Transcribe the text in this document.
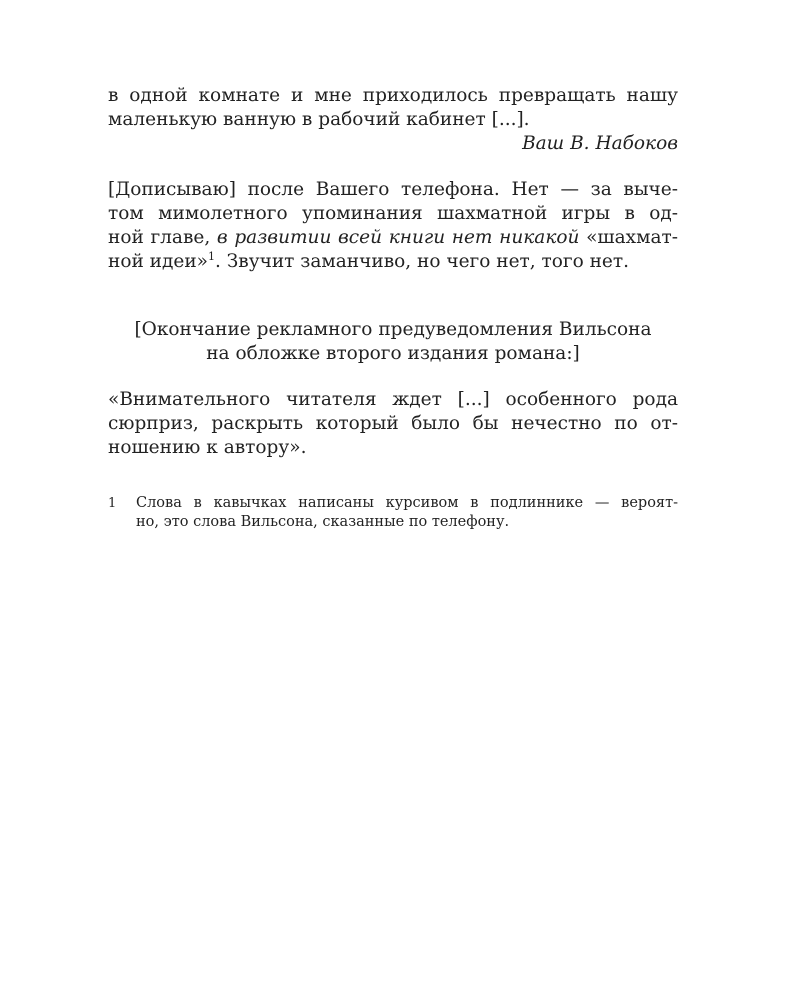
в одной комнате и мне приходилось превращать нашу
маленькую ванную в рабочий кабинет [...].

Ваш В. Набоков

[Дописываю] после Вашего телефона. Нет — за выче-
том мимолетного упоминания шахматной игры в од-
ной главе, в развитии всей книги нет никакой «шахмат-
ной идеи»$^1$. Звучит заманчиво, но чего нет, того нет.

[Окончание рекламного предуведомления Вильсона
на обложке второго издания романа:]

«Внимательного читателя ждет [...] особенного рода
сюрприз, раскрыть который было бы нечестно по от-
ношению к автору».

1 Слова в кавычках написаны курсивом в подлиннике — вероят-
но, это слова Вильсона, сказанные по телефону.
